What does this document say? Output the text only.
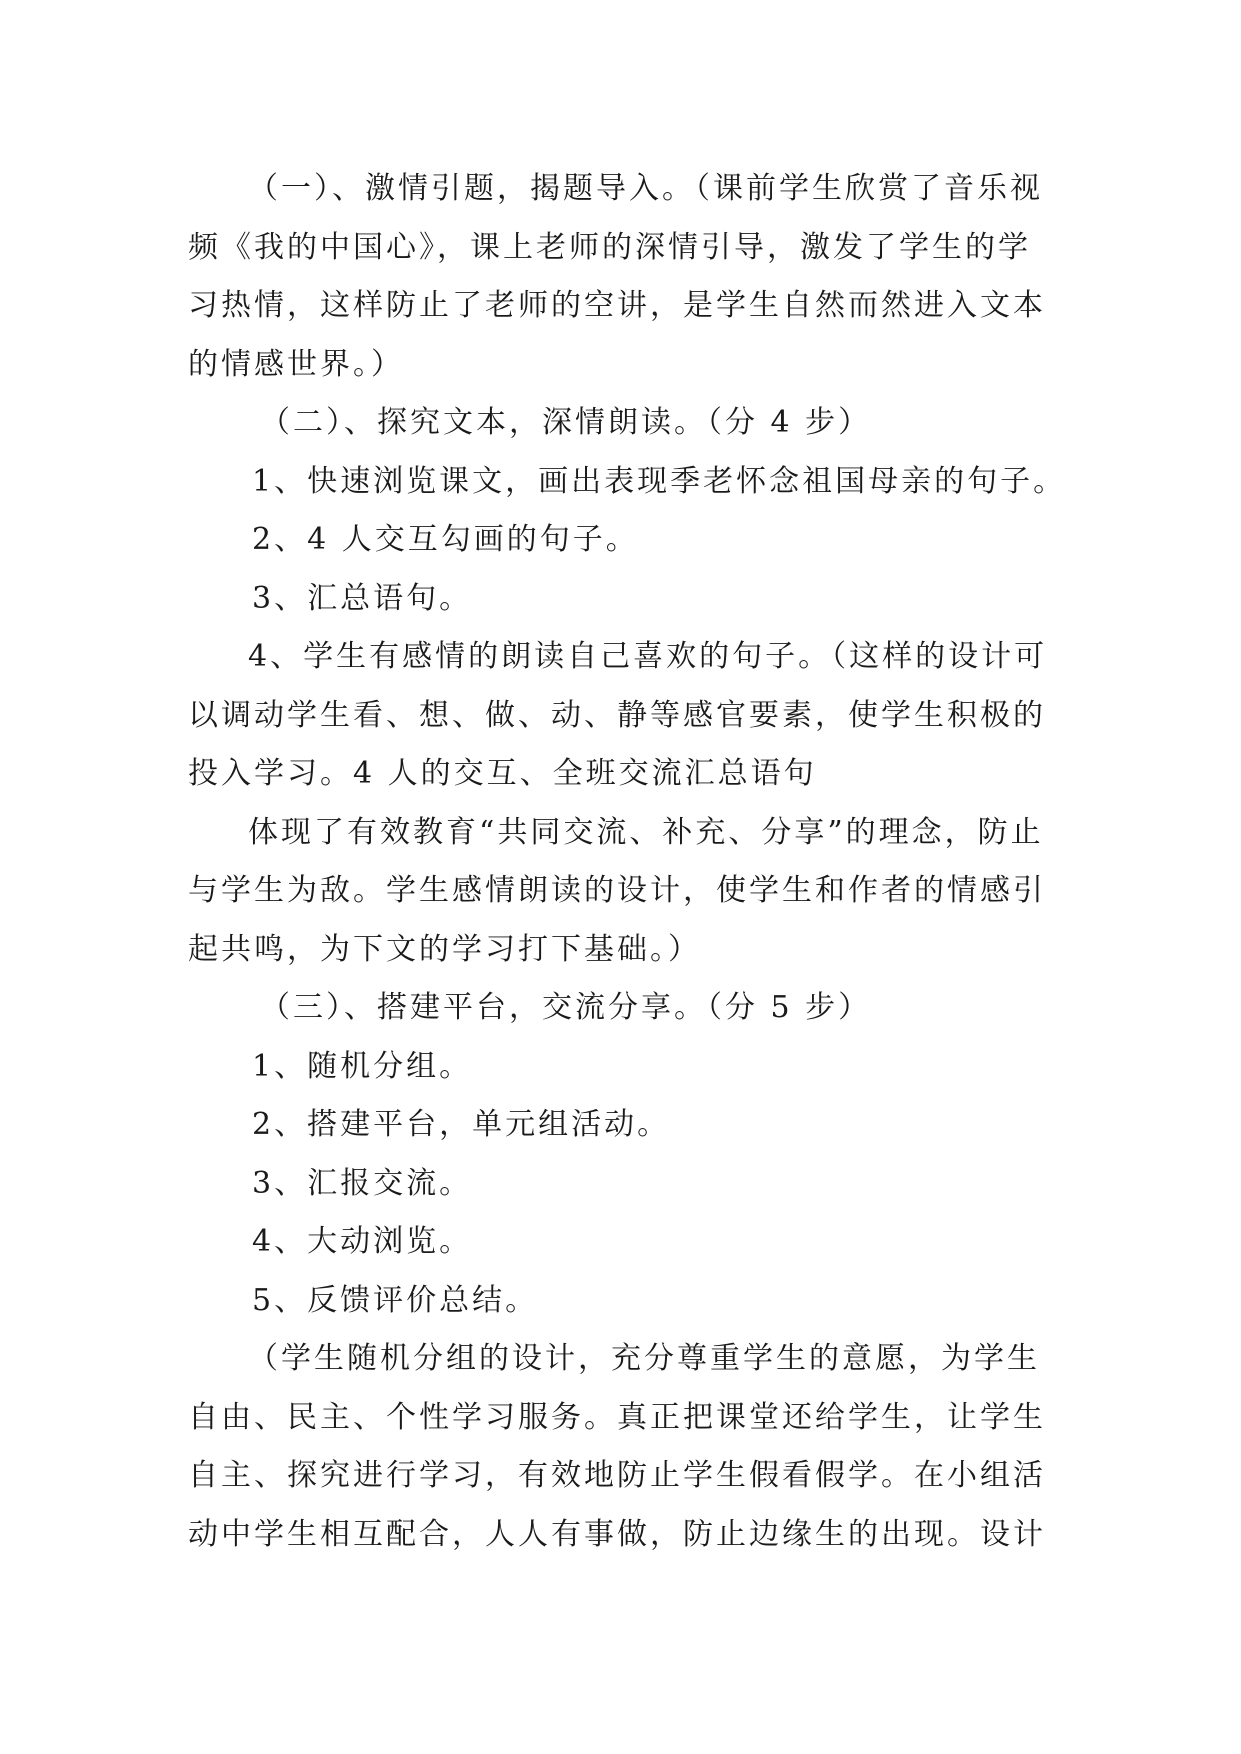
（一）、激情引题，揭题导入。（课前学生欣赏了音乐视频《我的中国心》，课上老师的深情引导，激发了学生的学习热情，这样防止了老师的空讲，是学生自然而然进入文本的情感世界。）

（二）、探究文本，深情朗读。（分 4 步）

1、快速浏览课文，画出表现季老怀念祖国母亲的句子。

2、4 人交互勾画的句子。

3、汇总语句。

4、学生有感情的朗读自己喜欢的句子。（这样的设计可以调动学生看、想、做、动、静等感官要素，使学生积极的投入学习。4 人的交互、全班交流汇总语句

体现了有效教育“共同交流、补充、分享”的理念，防止与学生为敌。学生感情朗读的设计，使学生和作者的情感引起共鸣，为下文的学习打下基础。）

（三）、搭建平台，交流分享。（分 5 步）

1、随机分组。

2、搭建平台，单元组活动。

3、汇报交流。

4、大动浏览。

5、反馈评价总结。

（学生随机分组的设计，充分尊重学生的意愿，为学生自由、民主、个性学习服务。真正把课堂还给学生，让学生自主、探究进行学习，有效地防止学生假看假学。在小组活动中学生相互配合，人人有事做，防止边缘生的出现。设计
